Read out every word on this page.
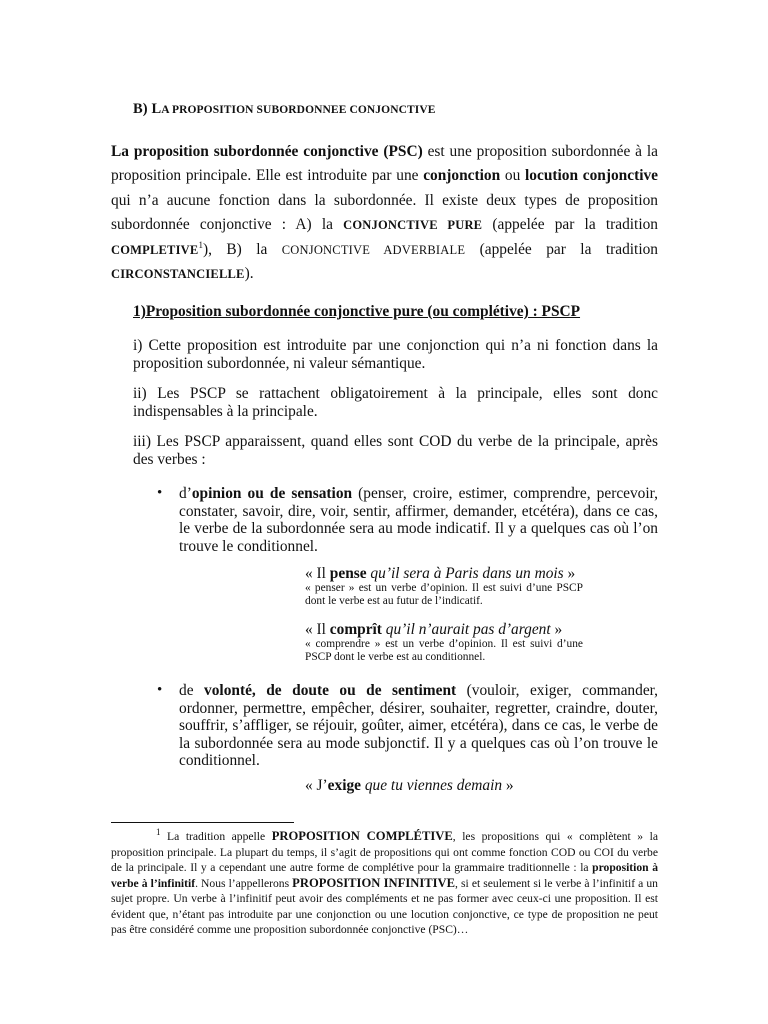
B) LA PROPOSITION SUBORDONNEE CONJONCTIVE
La proposition subordonnée conjonctive (PSC) est une proposition subordonnée à la proposition principale. Elle est introduite par une conjonction ou locution conjonctive qui n’a aucune fonction dans la subordonnée. Il existe deux types de proposition subordonnée conjonctive : A) la CONJONCTIVE PURE (appelée par la tradition COMPLETIVE$^1$), B) la CONJONCTIVE ADVERBIALE (appelée par la tradition CIRCONSTANCIELLE).
1)Proposition subordonnée conjonctive pure (ou complétive) : PSCP
i) Cette proposition est introduite par une conjonction qui n’a ni fonction dans la proposition subordonnée, ni valeur sémantique.
ii) Les PSCP se rattachent obligatoirement à la principale, elles sont donc indispensables à la principale.
iii) Les PSCP apparaissent, quand elles sont COD du verbe de la principale, après des verbes :
• d’opinion ou de sensation (penser, croire, estimer, comprendre, percevoir, constater, savoir, dire, voir, sentir, affirmer, demander, etcétéra), dans ce cas, le verbe de la subordonnée sera au mode indicatif. Il y a quelques cas où l’on trouve le conditionnel.
« Il pense qu’il sera à Paris dans un mois »
« penser » est un verbe d’opinion. Il est suivi d’une PSCP dont le verbe est au futur de l’indicatif.
« Il comprît qu’il n’aurait pas d’argent »
« comprendre » est un verbe d’opinion. Il est suivi d’une PSCP dont le verbe est au conditionnel.
• de volonté, de doute ou de sentiment (vouloir, exiger, commander, ordonner, permettre, empêcher, désirer, souhaiter, regretter, craindre, douter, souffrir, s’affliger, se réjouir, goûter, aimer, etcétéra), dans ce cas, le verbe de la subordonnée sera au mode subjonctif. Il y a quelques cas où l’on trouve le conditionnel.
« J’exige que tu viennes demain »
$^1$ La tradition appelle PROPOSITION COMPLÉTIVE, les propositions qui « complètent » la proposition principale. La plupart du temps, il s’agit de propositions qui ont comme fonction COD ou COI du verbe de la principale. Il y a cependant une autre forme de complétive pour la grammaire traditionnelle : la proposition à verbe à l’infinitif. Nous l’appellerons PROPOSITION INFINITIVE, si et seulement si le verbe à l’infinitif a un sujet propre. Un verbe à l’infinitif peut avoir des compléments et ne pas former avec ceux-ci une proposition. Il est évident que, n’étant pas introduite par une conjonction ou une locution conjonctive, ce type de proposition ne peut pas être considéré comme une proposition subordonnée conjonctive (PSC)…
